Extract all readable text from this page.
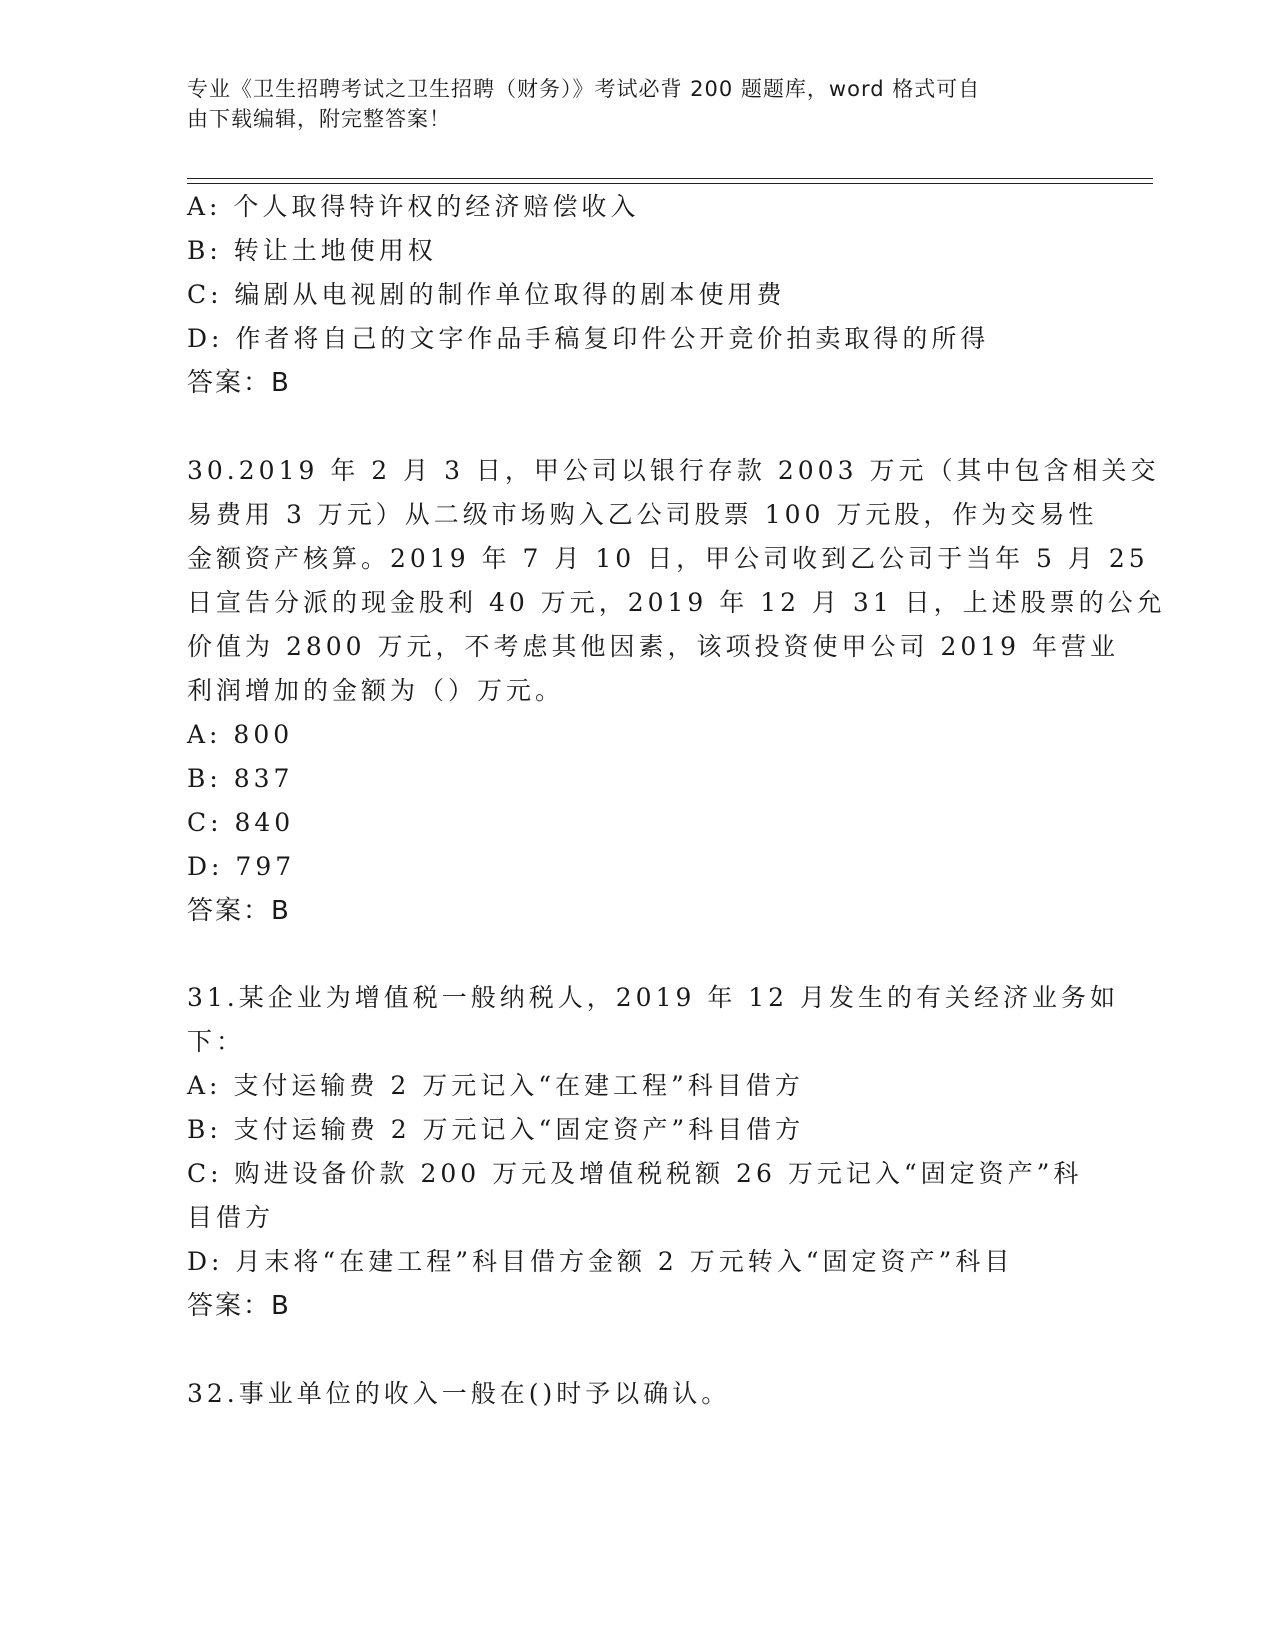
专业《卫生招聘考试之卫生招聘（财务）》考试必背 200 题题库，word 格式可自
由下载编辑，附完整答案！
A: 个人取得特许权的经济赔偿收入
B: 转让土地使用权
C: 编剧从电视剧的制作单位取得的剧本使用费
D: 作者将自己的文字作品手稿复印件公开竞价拍卖取得的所得
答案：B
30.2019 年 2 月 3 日，甲公司以银行存款 2003 万元（其中包含相关交
易费用 3 万元）从二级市场购入乙公司股票 100 万元股，作为交易性
金额资产核算。2019 年 7 月 10 日，甲公司收到乙公司于当年 5 月 25
日宣告分派的现金股利 40 万元，2019 年 12 月 31 日，上述股票的公允
价值为 2800 万元，不考虑其他因素，该项投资使甲公司 2019 年营业
利润增加的金额为（）万元。
A: 800
B: 837
C: 840
D: 797
答案：B
31.某企业为增值税一般纳税人，2019 年 12 月发生的有关经济业务如
下：
A: 支付运输费 2 万元记入“在建工程”科目借方
B: 支付运输费 2 万元记入“固定资产”科目借方
C: 购进设备价款 200 万元及增值税税额 26 万元记入“固定资产”科
目借方
D: 月末将“在建工程”科目借方金额 2 万元转入“固定资产”科目
答案：B
32.事业单位的收入一般在()时予以确认。
